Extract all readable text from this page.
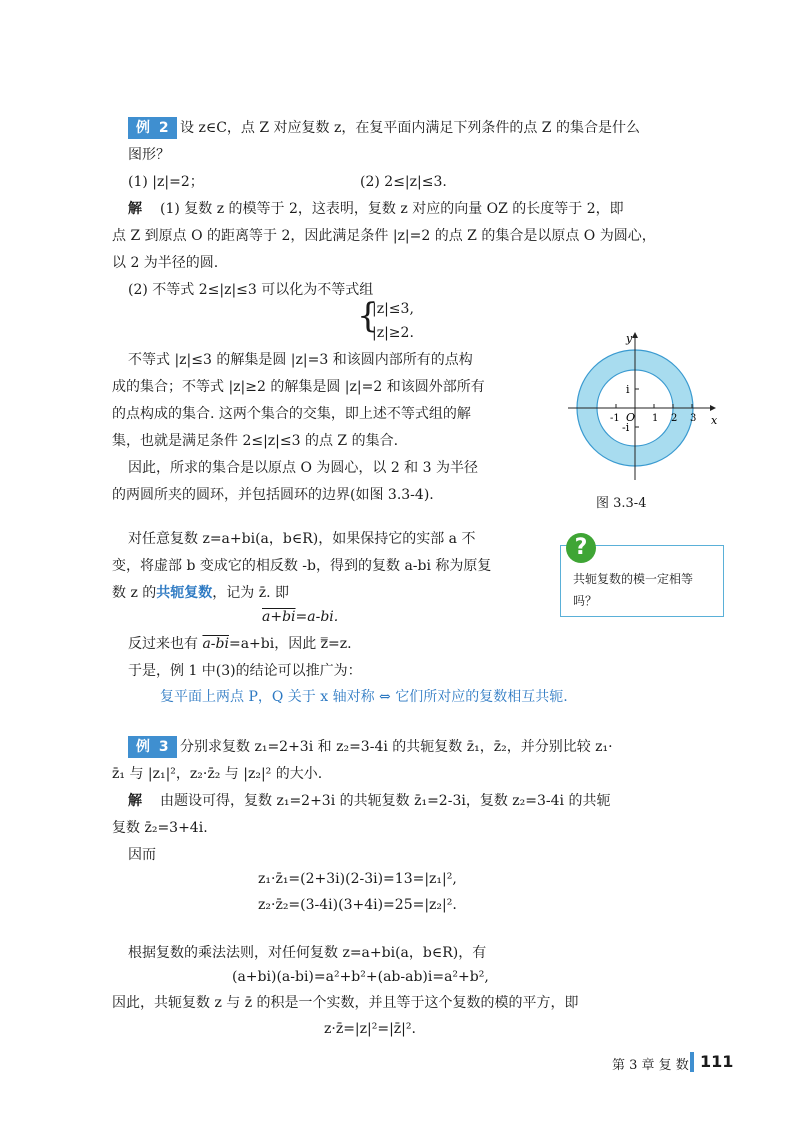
例 2 设 z∈C，点 Z 对应复数 z，在复平面内满足下列条件的点 Z 的集合是什么
图形？
(1) |z|=2；	(2) 2≤|z|≤3.
解 (1) 复数 z 的模等于 2，这表明，复数 z 对应的向量 OZ 的长度等于 2，即
点 Z 到原点 O 的距离等于 2，因此满足条件 |z|=2 的点 Z 的集合是以原点 O 为圆心，
以 2 为半径的圆.
(2) 不等式 2≤|z|≤3 可以化为不等式组
{
|z|≤3,
|z|≥2.
不等式 |z|≤3 的解集是圆 |z|=3 和该圆内部所有的点构
成的集合；不等式 |z|≥2 的解集是圆 |z|=2 和该圆外部所有
的点构成的集合. 这两个集合的交集，即上述不等式组的解
集，也就是满足条件 2≤|z|≤3 的点 Z 的集合.
因此，所求的集合是以原点 O 为圆心，以 2 和 3 为半径
的两圆所夹的圆环，并包括圆环的边界(如图 3.3-4).
x
y
O
i
-i
-1	1 2 3
图 3.3-4
对任意复数 z=a+bi(a，b∈R)，如果保持它的实部 a 不
变，将虚部 b 变成它的相反数 -b，得到的复数 a-bi 称为原复
数 z 的共轭复数，记为 z̄. 即
a+bi=a-bi.
反过来也有 a-bi=a+bi，因此 z̿=z.
于是，例 1 中(3)的结论可以推广为：
复平面上两点 P，Q 关于 x 轴对称 ⇔ 它们所对应的复数相互共轭.
共轭复数的模一定相等吗？
?
例 3 分别求复数 z₁=2+3i 和 z₂=3-4i 的共轭复数 z̄₁，z̄₂，并分别比较 z₁·
z̄₁ 与 |z₁|²，z₂·z̄₂ 与 |z₂|² 的大小.
解 由题设可得，复数 z₁=2+3i 的共轭复数 z̄₁=2-3i，复数 z₂=3-4i 的共轭
复数 z̄₂=3+4i.
因而
z₁·z̄₁=(2+3i)(2-3i)=13=|z₁|²,
z₂·z̄₂=(3-4i)(3+4i)=25=|z₂|².
根据复数的乘法法则，对任何复数 z=a+bi(a，b∈R)，有
(a+bi)(a-bi)=a²+b²+(ab-ab)i=a²+b²,
因此，共轭复数 z 与 z̄ 的积是一个实数，并且等于这个复数的模的平方，即
z·z̄=|z|²=|z̄|².
第 3 章 复 数 111
